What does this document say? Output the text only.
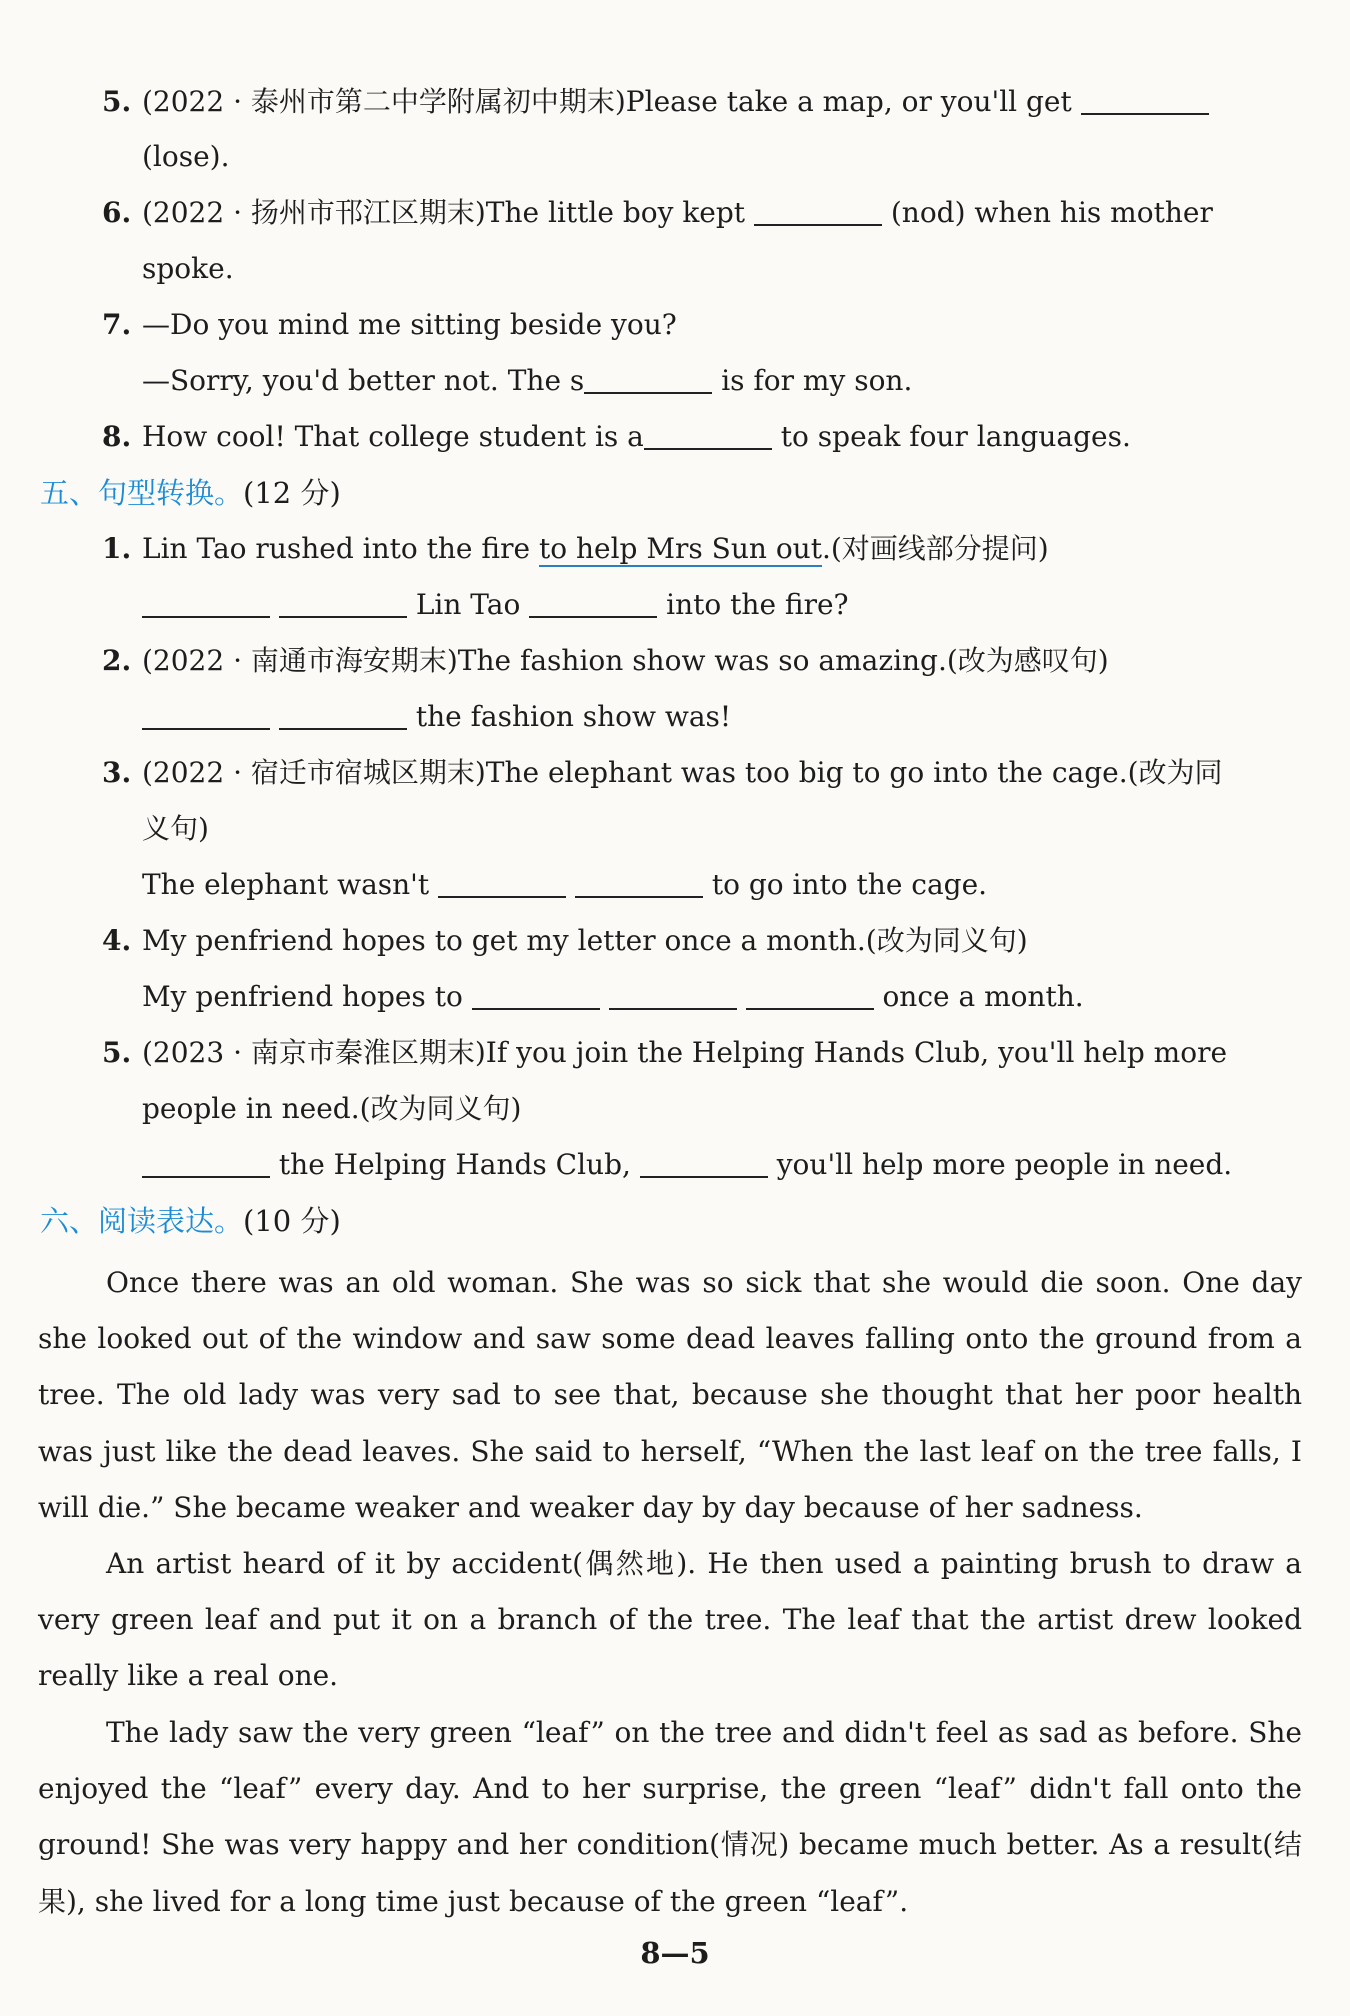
5. (2022 · 泰州市第二中学附属初中期末)Please take a map, or you'll get
(lose).
6. (2022 · 扬州市邗江区期末)The little boy kept	(nod) when his mother
spoke.
7. —Do you mind me sitting beside you?
—Sorry, you'd better not. The s	is for my son.
8. How cool! That college student is a	to speak four languages.
五、句型转换。(12 分)
1. Lin Tao rushed into the fire to help Mrs Sun out.(对画线部分提问)
Lin Tao	into the fire?
2. (2022 · 南通市海安期末)The fashion show was so amazing.(改为感叹句)
the fashion show was!
3. (2022 · 宿迁市宿城区期末)The elephant was too big to go into the cage.(改为同
义句)
The elephant wasn't	to go into the cage.
4. My penfriend hopes to get my letter once a month.(改为同义句)
My penfriend hopes to	once a month.
5. (2023 · 南京市秦淮区期末)If you join the Helping Hands Club, you'll help more
people in need.(改为同义句)
the Helping Hands Club,	you'll help more people in need.
六、阅读表达。(10 分)
Once there was an old woman. She was so sick that she would die soon. One day she looked out of the window and saw some dead leaves falling onto the ground from a tree. The old lady was very sad to see that, because she thought that her poor health was just like the dead leaves. She said to herself, “When the last leaf on the tree falls, I will die.” She became weaker and weaker day by day because of her sadness.
An artist heard of it by accident(偶然地). He then used a painting brush to draw a very green leaf and put it on a branch of the tree. The leaf that the artist drew looked really like a real one.
The lady saw the very green “leaf” on the tree and didn't feel as sad as before. She enjoyed the “leaf” every day. And to her surprise, the green “leaf” didn't fall onto the ground! She was very happy and her condition(情况) became much better. As a result(结果), she lived for a long time just because of the green “leaf”.
8—5
